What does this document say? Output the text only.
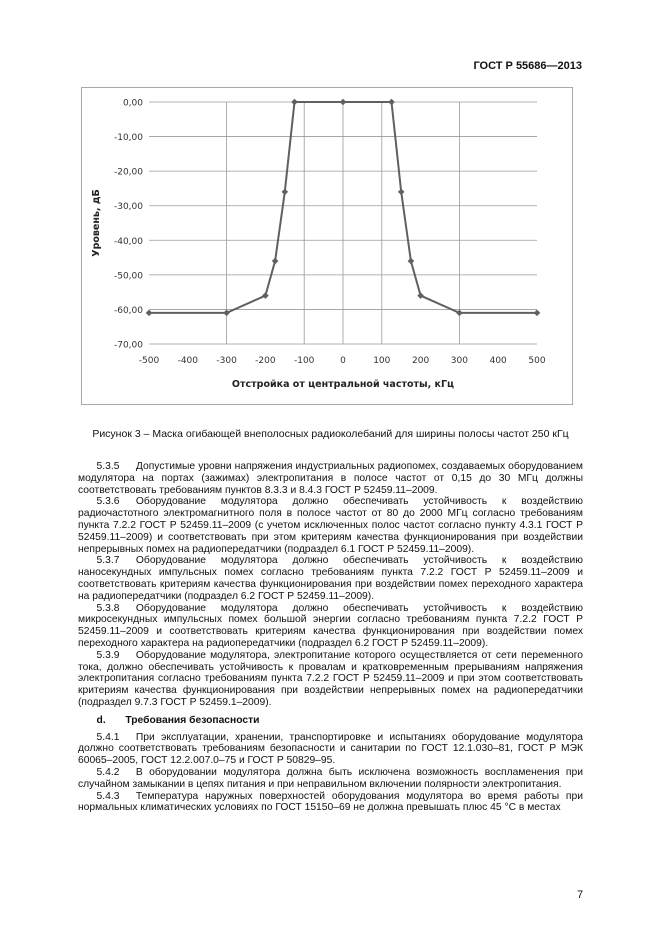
ГОСТ Р 55686—2013
0,00
-10,00
-20,00
-30,00
-40,00
-50,00
-60,00
-70,00
-500 -400 -300 -200 -100	0	100 200 300 400 500
Отстройка от центральной частоты, кГц
Уровень, дБ
Рисунок 3 – Маска огибающей внеполосных радиоколебаний для ширины полосы частот 250 кГц

5.3.5 Допустимые уровни напряжения индустриальных радиопомех, создаваемых оборудованием модулятора на портах (зажимах) электропитания в полосе частот от 0,15 до 30 МГц должны соответствовать требованиям пунктов 8.3.3 и 8.4.3 ГОСТ Р 52459.11–2009.

5.3.6 Оборудование модулятора должно обеспечивать устойчивость к воздействию радиочастотного электромагнитного поля в полосе частот от 80 до 2000 МГц согласно требованиям пункта 7.2.2 ГОСТ Р 52459.11–2009 (с учетом исключенных полос частот согласно пункту 4.3.1 ГОСТ Р 52459.11–2009) и соответствовать при этом критериям качества функционирования при воздействии непрерывных помех на радиопередатчики (подраздел 6.1 ГОСТ Р 52459.11–2009).

5.3.7 Оборудование модулятора должно обеспечивать устойчивость к воздействию наносекундных импульсных помех согласно требованиям пункта 7.2.2 ГОСТ Р 52459.11–2009 и соответствовать критериям качества функционирования при воздействии помех переходного характера на радиопередатчики (подраздел 6.2 ГОСТ Р 52459.11–2009).

5.3.8 Оборудование модулятора должно обеспечивать устойчивость к воздействию микросекундных импульсных помех большой энергии согласно требованиям пункта 7.2.2 ГОСТ Р 52459.11–2009 и соответствовать критериям качества функционирования при воздействии помех переходного характера на радиопередатчики (подраздел 6.2 ГОСТ Р 52459.11–2009).

5.3.9 Оборудование модулятора, электропитание которого осуществляется от сети переменного тока, должно обеспечивать устойчивость к провалам и кратковременным прерываниям напряжения электропитания согласно требованиям пункта 7.2.2 ГОСТ Р 52459.11–2009 и при этом соответствовать критериям качества функционирования при воздействии непрерывных помех на радиопередатчики (подраздел 9.7.3 ГОСТ Р 52459.1–2009).

d. Требования безопасности

5.4.1 При эксплуатации, хранении, транспортировке и испытаниях оборудование модулятора должно соответствовать требованиям безопасности и санитарии по ГОСТ 12.1.030–81, ГОСТ Р МЭК 60065–2005, ГОСТ 12.2.007.0–75 и ГОСТ Р 50829–95.

5.4.2 В оборудовании модулятора должна быть исключена возможность воспламенения при случайном замыкании в цепях питания и при неправильном включении полярности электропитания.

5.4.3 Температура наружных поверхностей оборудования модулятора во время работы при нормальных климатических условиях по ГОСТ 15150–69 не должна превышать плюс 45 °C в местах

7
